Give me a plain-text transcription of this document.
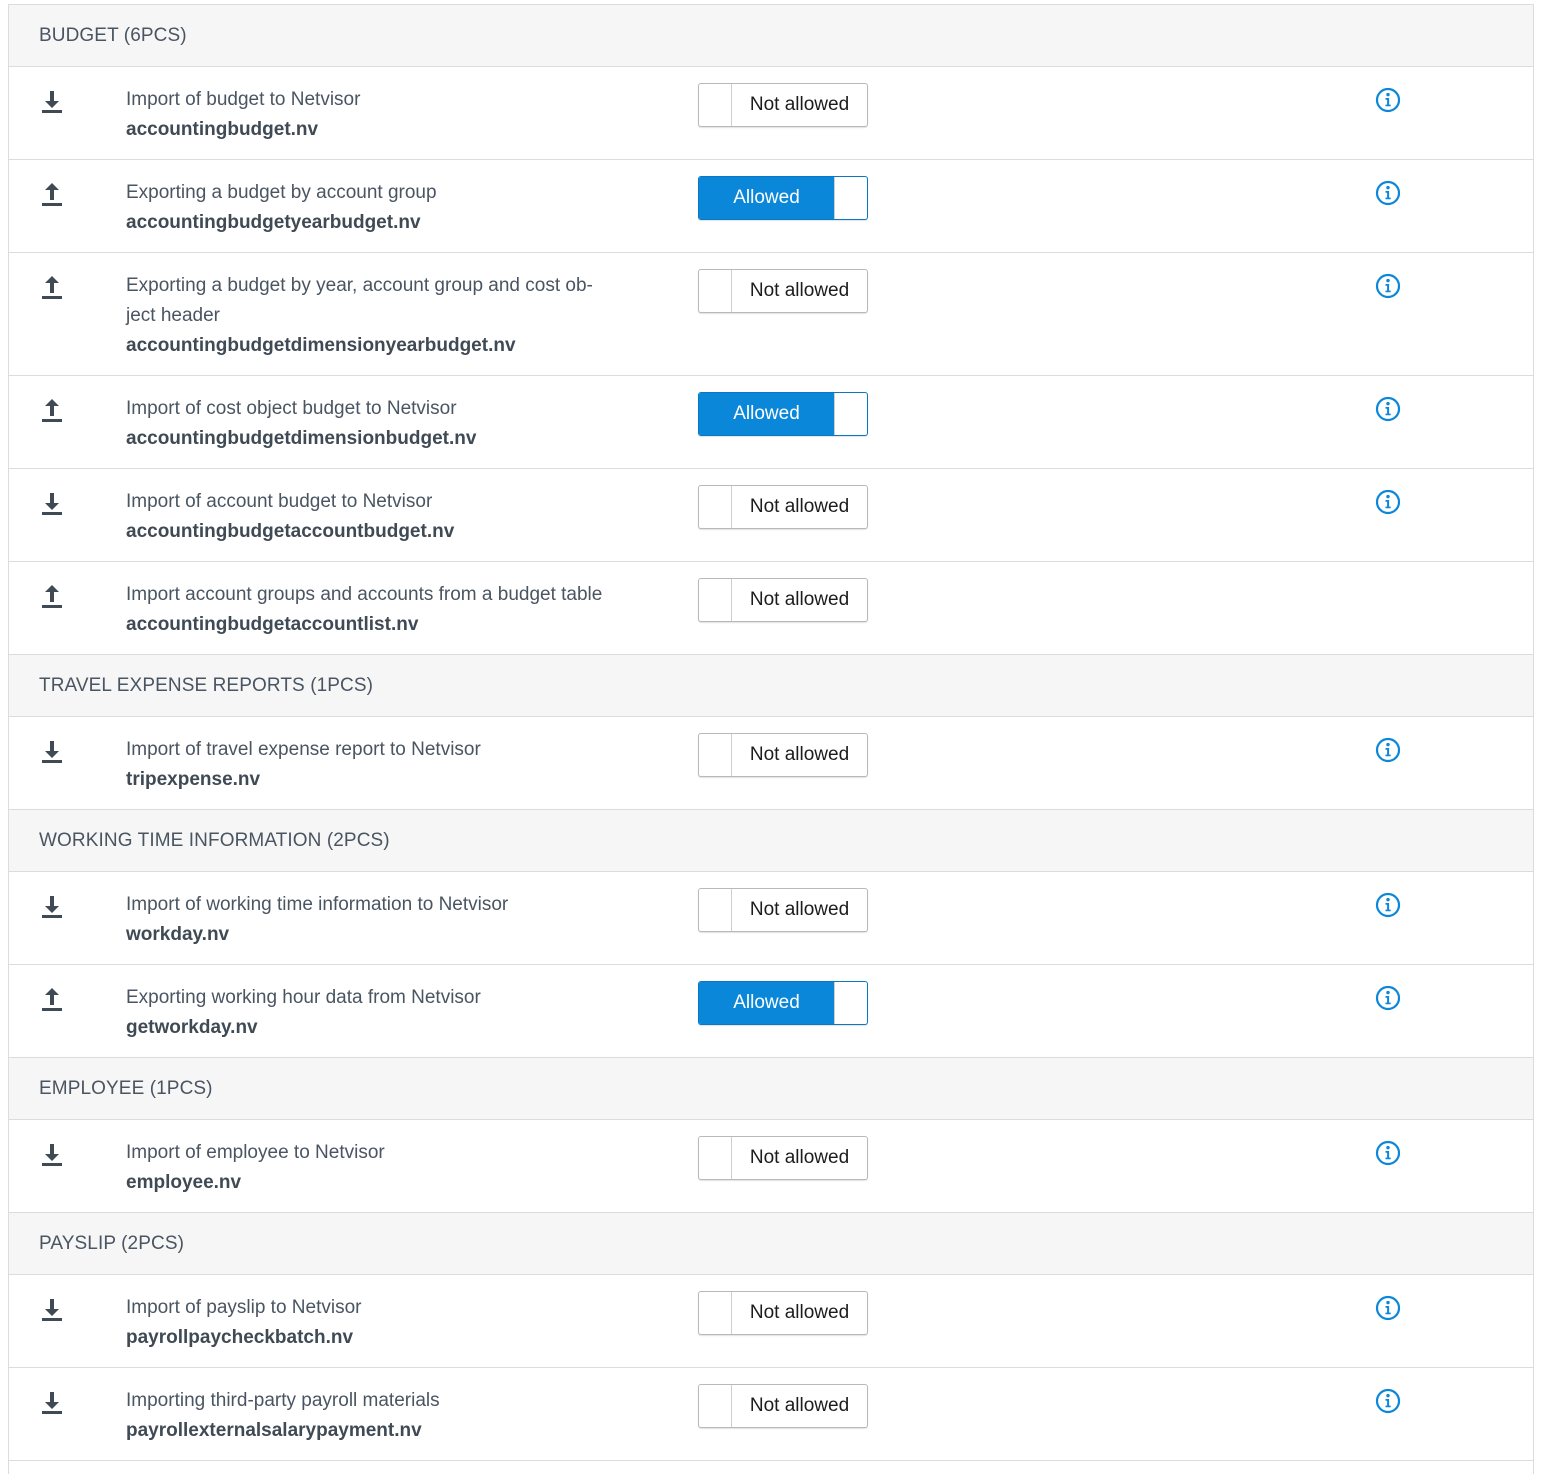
BUDGET (6PCS)
Import of budget to Netvisor
accountingbudget.nv
Not allowed
Exporting a budget by account group
accountingbudgetyearbudget.nv
Allowed
Exporting a budget by year, account group and cost ob-
ject header
accountingbudgetdimensionyearbudget.nv
Not allowed
Import of cost object budget to Netvisor
accountingbudgetdimensionbudget.nv
Allowed
Import of account budget to Netvisor
accountingbudgetaccountbudget.nv
Not allowed
Import account groups and accounts from a budget table
accountingbudgetaccountlist.nv
Not allowed
TRAVEL EXPENSE REPORTS (1PCS)
Import of travel expense report to Netvisor
tripexpense.nv
Not allowed
WORKING TIME INFORMATION (2PCS)
Import of working time information to Netvisor
workday.nv
Not allowed
Exporting working hour data from Netvisor
getworkday.nv
Allowed
EMPLOYEE (1PCS)
Import of employee to Netvisor
employee.nv
Not allowed
PAYSLIP (2PCS)
Import of payslip to Netvisor
payrollpaycheckbatch.nv
Not allowed
Importing third-party payroll materials
payrollexternalsalarypayment.nv
Not allowed
